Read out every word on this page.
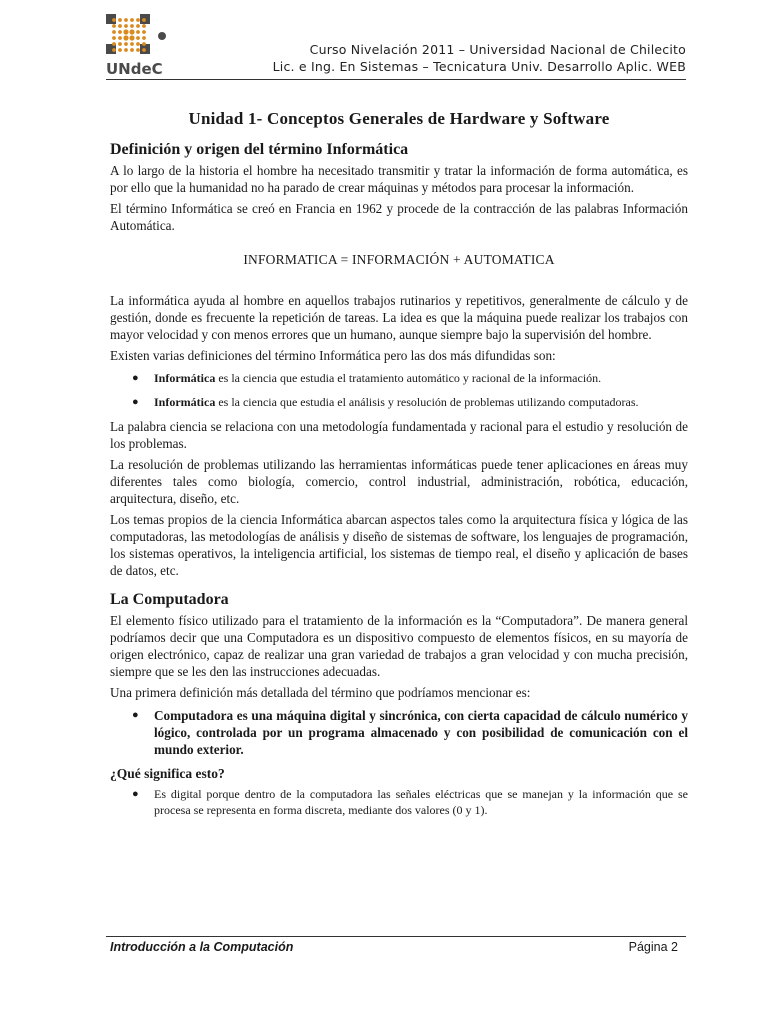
UNdeC
Curso Nivelación 2011 – Universidad Nacional de Chilecito
Lic. e Ing. En Sistemas – Tecnicatura Univ. Desarrollo Aplic. WEB
Unidad 1- Conceptos Generales de Hardware y Software
Definición y origen del término Informática

A lo largo de la historia el hombre ha necesitado transmitir y tratar la información de forma automática, es por ello que la humanidad no ha parado de crear máquinas y métodos para procesar la información.

El término Informática se creó en Francia en 1962 y procede de la contracción de las palabras Información Automática.

INFORMATICA = INFORMACIÓN + AUTOMATICA

La informática ayuda al hombre en aquellos trabajos rutinarios y repetitivos, generalmente de cálculo y de gestión, donde es frecuente la repetición de tareas. La idea es que la máquina puede realizar los trabajos con mayor velocidad y con menos errores que un humano, aunque siempre bajo la supervisión del hombre.

Existen varias definiciones del término Informática pero las dos más difundidas son:

● Informática es la ciencia que estudia el tratamiento automático y racional de la información.
● Informática es la ciencia que estudia el análisis y resolución de problemas utilizando computadoras.

La palabra ciencia se relaciona con una metodología fundamentada y racional para el estudio y resolución de los problemas.

La resolución de problemas utilizando las herramientas informáticas puede tener aplicaciones en áreas muy diferentes tales como biología, comercio, control industrial, administración, robótica, educación, arquitectura, diseño, etc.

Los temas propios de la ciencia Informática abarcan aspectos tales como la arquitectura física y lógica de las computadoras, las metodologías de análisis y diseño de sistemas de software, los lenguajes de programación, los sistemas operativos, la inteligencia artificial, los sistemas de tiempo real, el diseño y aplicación de bases de datos, etc.

La Computadora

El elemento físico utilizado para el tratamiento de la información es la “Computadora”. De manera general podríamos decir que una Computadora es un dispositivo compuesto de elementos físicos, en su mayoría de origen electrónico, capaz de realizar una gran variedad de trabajos a gran velocidad y con mucha precisión, siempre que se les den las instrucciones adecuadas.

Una primera definición más detallada del término que podríamos mencionar es:

● Computadora es una máquina digital y sincrónica, con cierta capacidad de cálculo numérico y lógico, controlada por un programa almacenado y con posibilidad de comunicación con el mundo exterior.
¿Qué significa esto?
● Es digital porque dentro de la computadora las señales eléctricas que se manejan y la información que se procesa se representa en forma discreta, mediante dos valores (0 y 1).
Introducción a la Computación	Página 2
